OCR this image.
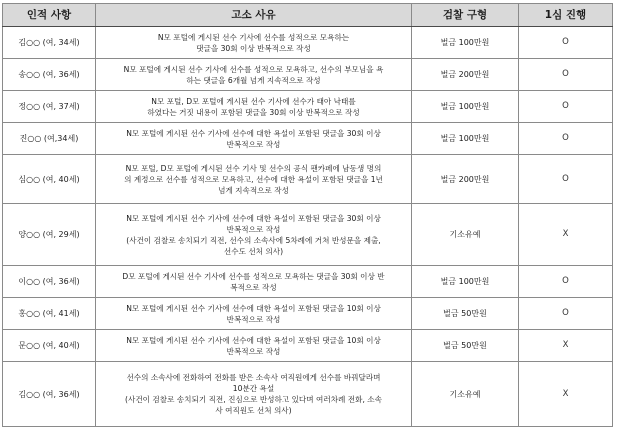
인적 사항	고소 사유	검찰 구형	1심 진행
김○○ (여, 34세)	N모 포털에 게시된 선수 기사에 선수를 성적으로 모욕하는
댓글을 30회 이상 반복적으로 작성	벌금 100만원	O
송○○ (여, 36세)	N모 포털에 게시된 선수 기사에 선수를 성적으로 모욕하고, 선수의 부모님을 욕
하는 댓글을 6개월 넘게 지속적으로 작성	벌금 200만원	O
정○○ (여, 37세)	N모 포털, D모 포털에 게시된 선수 기사에 선수가 태아 낙태를
하였다는 거짓 내용이 포함된 댓글을 30회 이상 반복적으로 작성	벌금 100만원	O
진○○ (여,34세)	N모 포털에 게시된 선수 기사에 선수에 대한 욕설이 포함된 댓글을 30회 이상
반복적으로 작성	벌금 100만원	O
심○○ (여, 40세)	N모 포털, D모 포털에 게시된 선수 기사 및 선수의 공식 팬카페에 남동생 명의
의 계정으로 선수를 성적으로 모욕하고, 선수에 대한 욕설이 포함된 댓글을 1년
넘게 지속적으로 작성	벌금 200만원	O
양○○ (여, 29세)	N모 포털에 게시된 선수 기사에 선수에 대한 욕설이 포함된 댓글을 30회 이상
반복적으로 작성
(사건이 검찰로 송치되기 직전, 선수의 소속사에 5차례에 거쳐 반성문을 제출,
선수도 선처 의사)	기소유예	X
이○○ (여, 36세)	D모 포털에 게시된 선수 기사에 선수를 성적으로 모욕하는 댓글을 30회 이상 반
복적으로 작성	벌금 100만원	O
홍○○ (여, 41세)	N모 포털에 게시된 선수 기사에 선수에 대한 욕설이 포함된 댓글을 10회 이상
반복적으로 작성	벌금 50만원	O
문○○ (여, 40세)	N모 포털에 게시된 선수 기사에 선수에 대한 욕설이 포함된 댓글을 10회 이상
반복적으로 작성	벌금 50만원	X
김○○ (여, 36세)	선수의 소속사에 전화하여 전화를 받은 소속사 여직원에게 선수를 바꿔달라며
10분간 욕설
(사건이 검찰로 송치되기 직전, 진심으로 반성하고 있다며 여러차례 전화, 소속
사 여직원도 선처 의사)	기소유예	X
